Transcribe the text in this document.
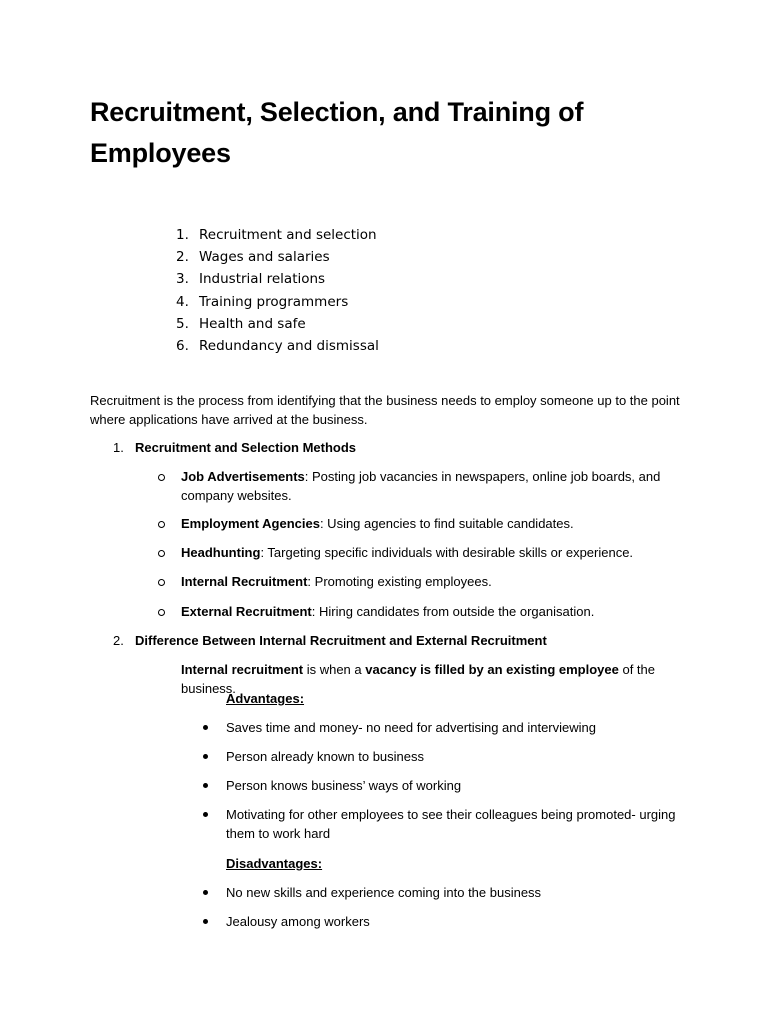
Recruitment, Selection, and Training of Employees
1. Recruitment and selection
2. Wages and salaries
3. Industrial relations
4. Training programmers
5. Health and safe
6. Redundancy and dismissal

Recruitment is the process from identifying that the business needs to employ someone up to the point where applications have arrived at the business.

1. Recruitment and Selection Methods
Job Advertisements: Posting job vacancies in newspapers, online job boards, and company websites.
Employment Agencies: Using agencies to find suitable candidates.
Headhunting: Targeting specific individuals with desirable skills or experience.
Internal Recruitment: Promoting existing employees.
External Recruitment: Hiring candidates from outside the organisation.
2. Difference Between Internal Recruitment and External Recruitment
Internal recruitment is when a vacancy is filled by an existing employee of the business.
Advantages:
Saves time and money- no need for advertising and interviewing
Person already known to business
Person knows business’ ways of working
Motivating for other employees to see their colleagues being promoted- urging them to work hard
Disadvantages:
No new skills and experience coming into the business
Jealousy among workers
